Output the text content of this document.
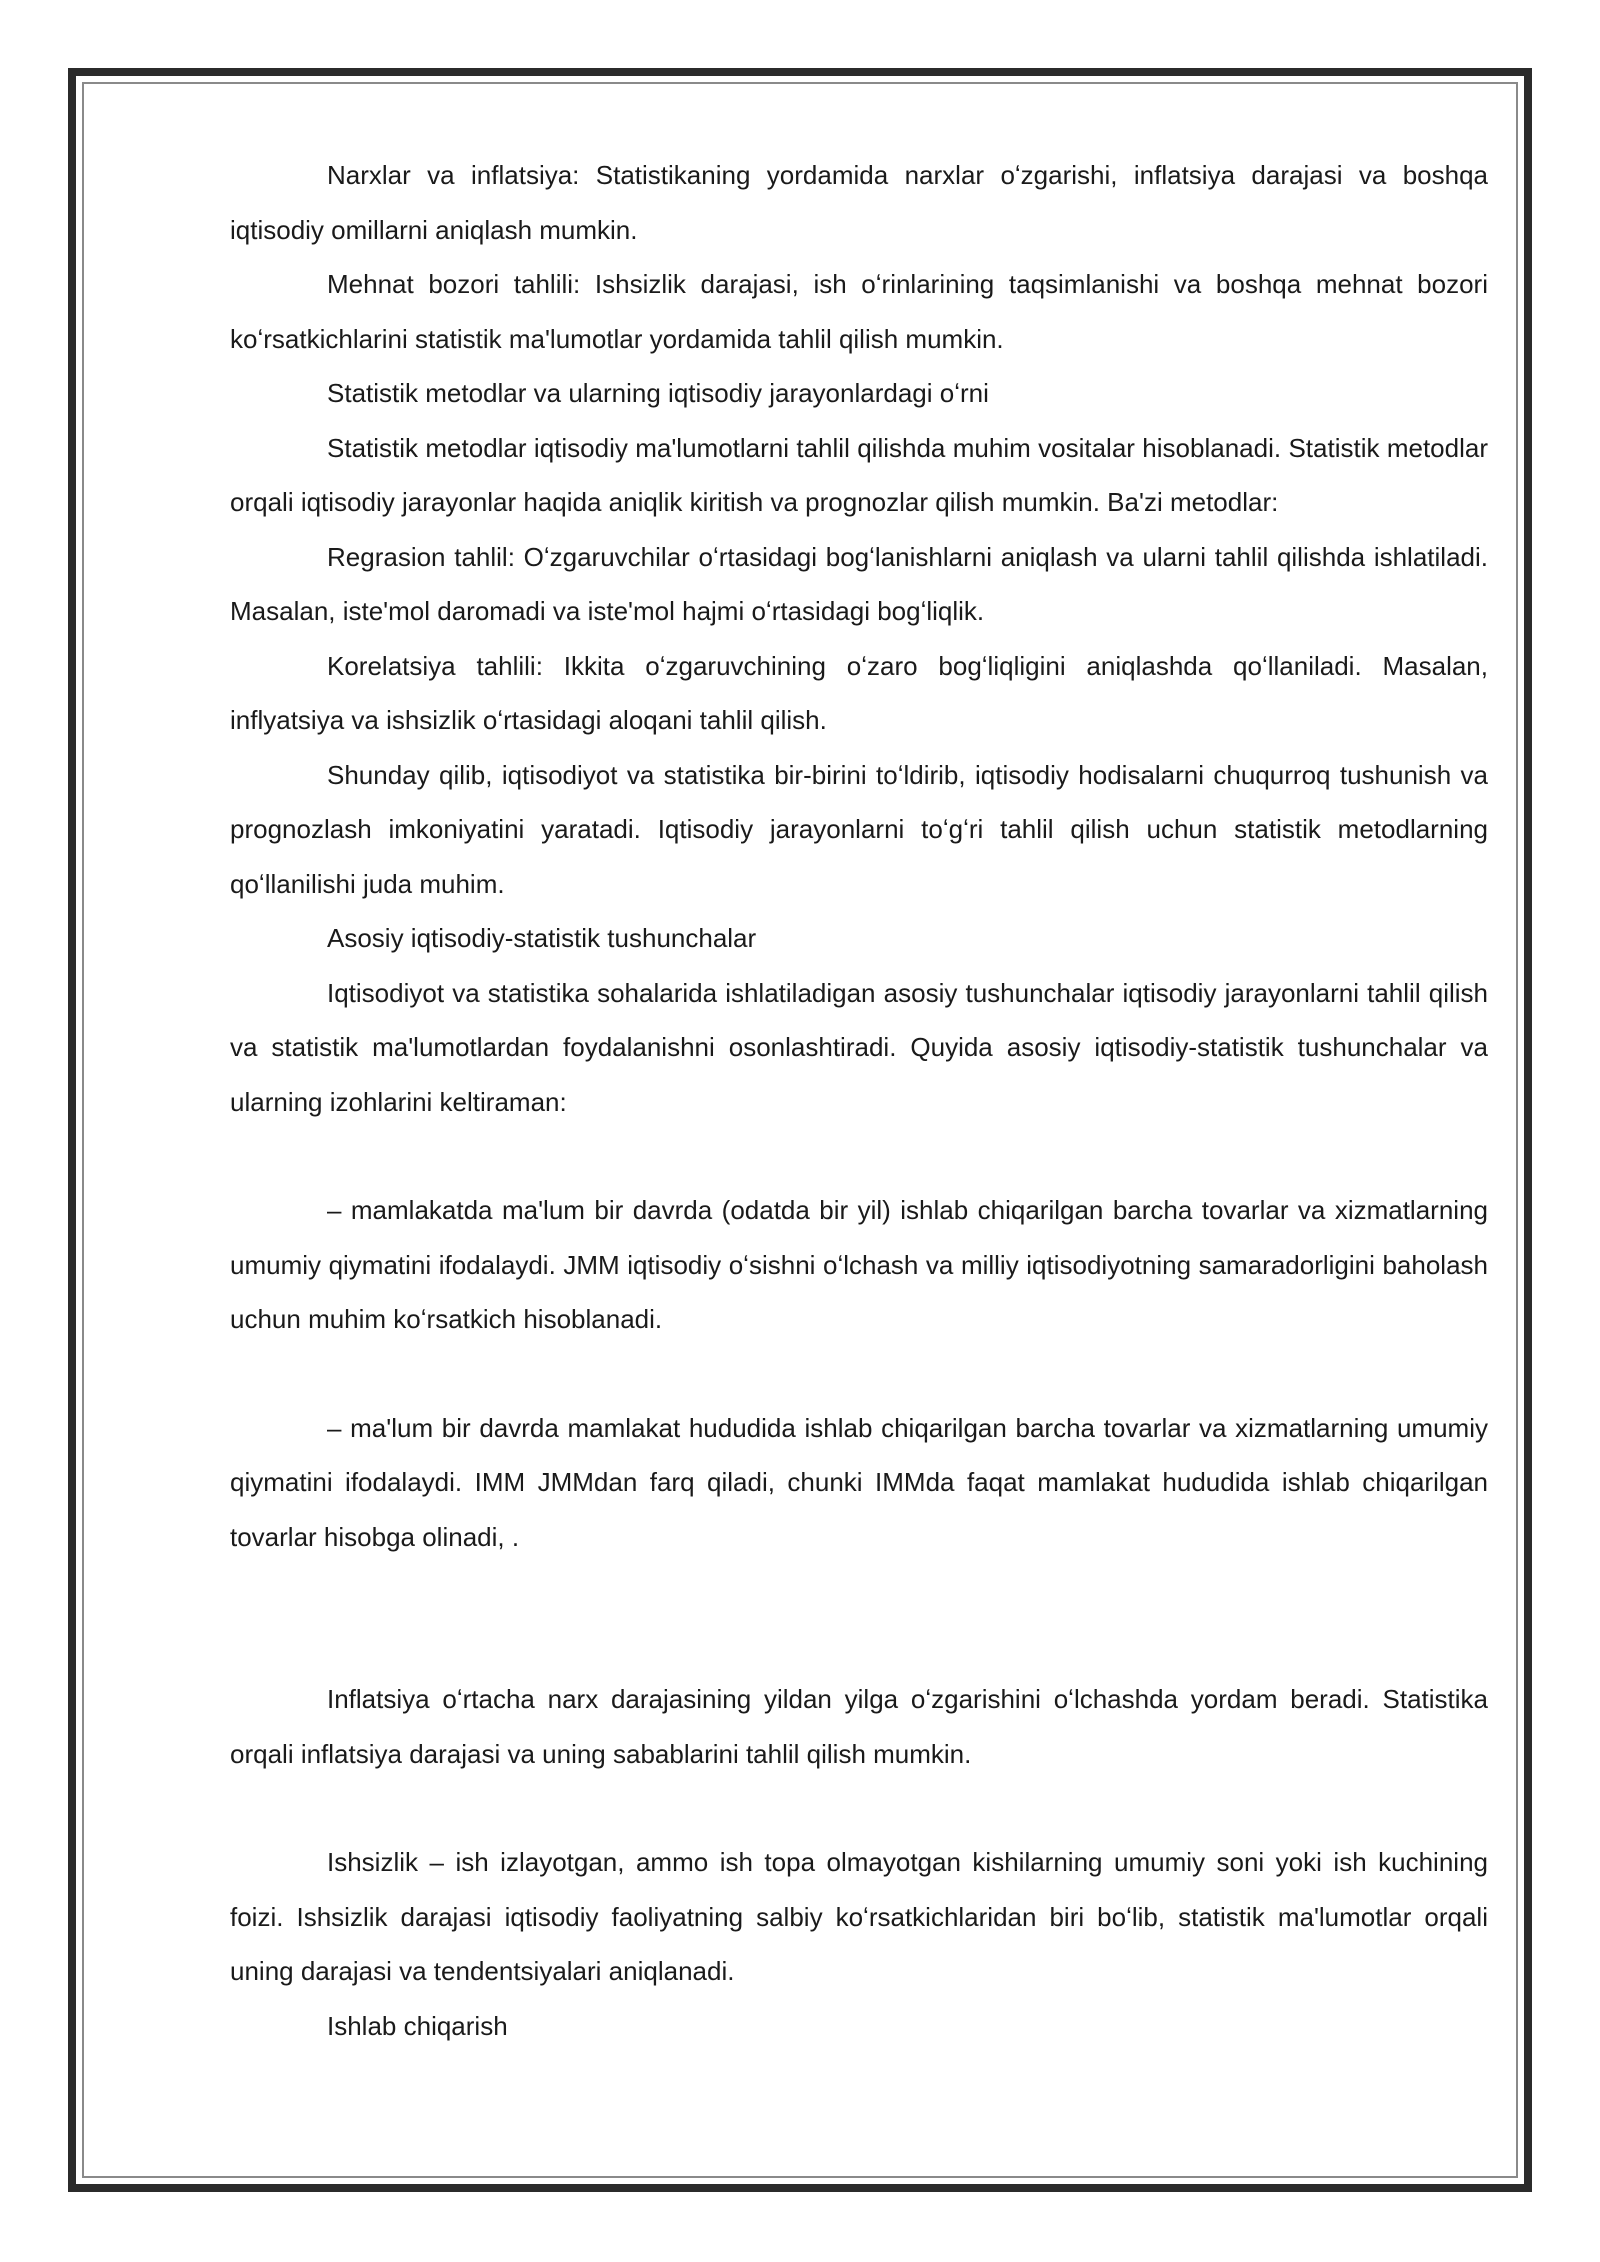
Narxlar va inflatsiya: Statistikaning yordamida narxlar oʻzgarishi, inflatsiya darajasi va boshqa iqtisodiy omillarni aniqlash mumkin.

Mehnat bozori tahlili: Ishsizlik darajasi, ish oʻrinlarining taqsimlanishi va boshqa mehnat bozori koʻrsatkichlarini statistik ma'lumotlar yordamida tahlil qilish mumkin.

Statistik metodlar va ularning iqtisodiy jarayonlardagi oʻrni

Statistik metodlar iqtisodiy ma'lumotlarni tahlil qilishda muhim vositalar hisoblanadi. Statistik metodlar orqali iqtisodiy jarayonlar haqida aniqlik kiritish va prognozlar qilish mumkin. Ba'zi metodlar:

Regrasion tahlil: Oʻzgaruvchilar oʻrtasidagi bogʻlanishlarni aniqlash va ularni tahlil qilishda ishlatiladi. Masalan, iste'mol daromadi va iste'mol hajmi oʻrtasidagi bogʻliqlik.

Korelatsiya tahlili: Ikkita oʻzgaruvchining oʻzaro bogʻliqligini aniqlashda qoʻllaniladi. Masalan, inflyatsiya va ishsizlik oʻrtasidagi aloqani tahlil qilish.

Shunday qilib, iqtisodiyot va statistika bir-birini toʻldirib, iqtisodiy hodisalarni chuqurroq tushunish va prognozlash imkoniyatini yaratadi. Iqtisodiy jarayonlarni toʻgʻri tahlil qilish uchun statistik metodlarning qoʻllanilishi juda muhim.

Asosiy iqtisodiy-statistik tushunchalar

Iqtisodiyot va statistika sohalarida ishlatiladigan asosiy tushunchalar iqtisodiy jarayonlarni tahlil qilish va statistik ma'lumotlardan foydalanishni osonlashtiradi. Quyida asosiy iqtisodiy-statistik tushunchalar va ularning izohlarini keltiraman:

– mamlakatda ma'lum bir davrda (odatda bir yil) ishlab chiqarilgan barcha tovarlar va xizmatlarning umumiy qiymatini ifodalaydi. JMM iqtisodiy oʻsishni oʻlchash va milliy iqtisodiyotning samaradorligini baholash uchun muhim koʻrsatkich hisoblanadi.

– ma'lum bir davrda mamlakat hududida ishlab chiqarilgan barcha tovarlar va xizmatlarning umumiy qiymatini ifodalaydi. IMM JMMdan farq qiladi, chunki IMMda faqat mamlakat hududida ishlab chiqarilgan tovarlar hisobga olinadi, .

Inflatsiya oʻrtacha narx darajasining yildan yilga oʻzgarishini oʻlchashda yordam beradi. Statistika orqali inflatsiya darajasi va uning sabablarini tahlil qilish mumkin.

Ishsizlik – ish izlayotgan, ammo ish topa olmayotgan kishilarning umumiy soni yoki ish kuchining foizi. Ishsizlik darajasi iqtisodiy faoliyatning salbiy koʻrsatkichlaridan biri boʻlib, statistik ma'lumotlar orqali uning darajasi va tendentsiyalari aniqlanadi.

Ishlab chiqarish
